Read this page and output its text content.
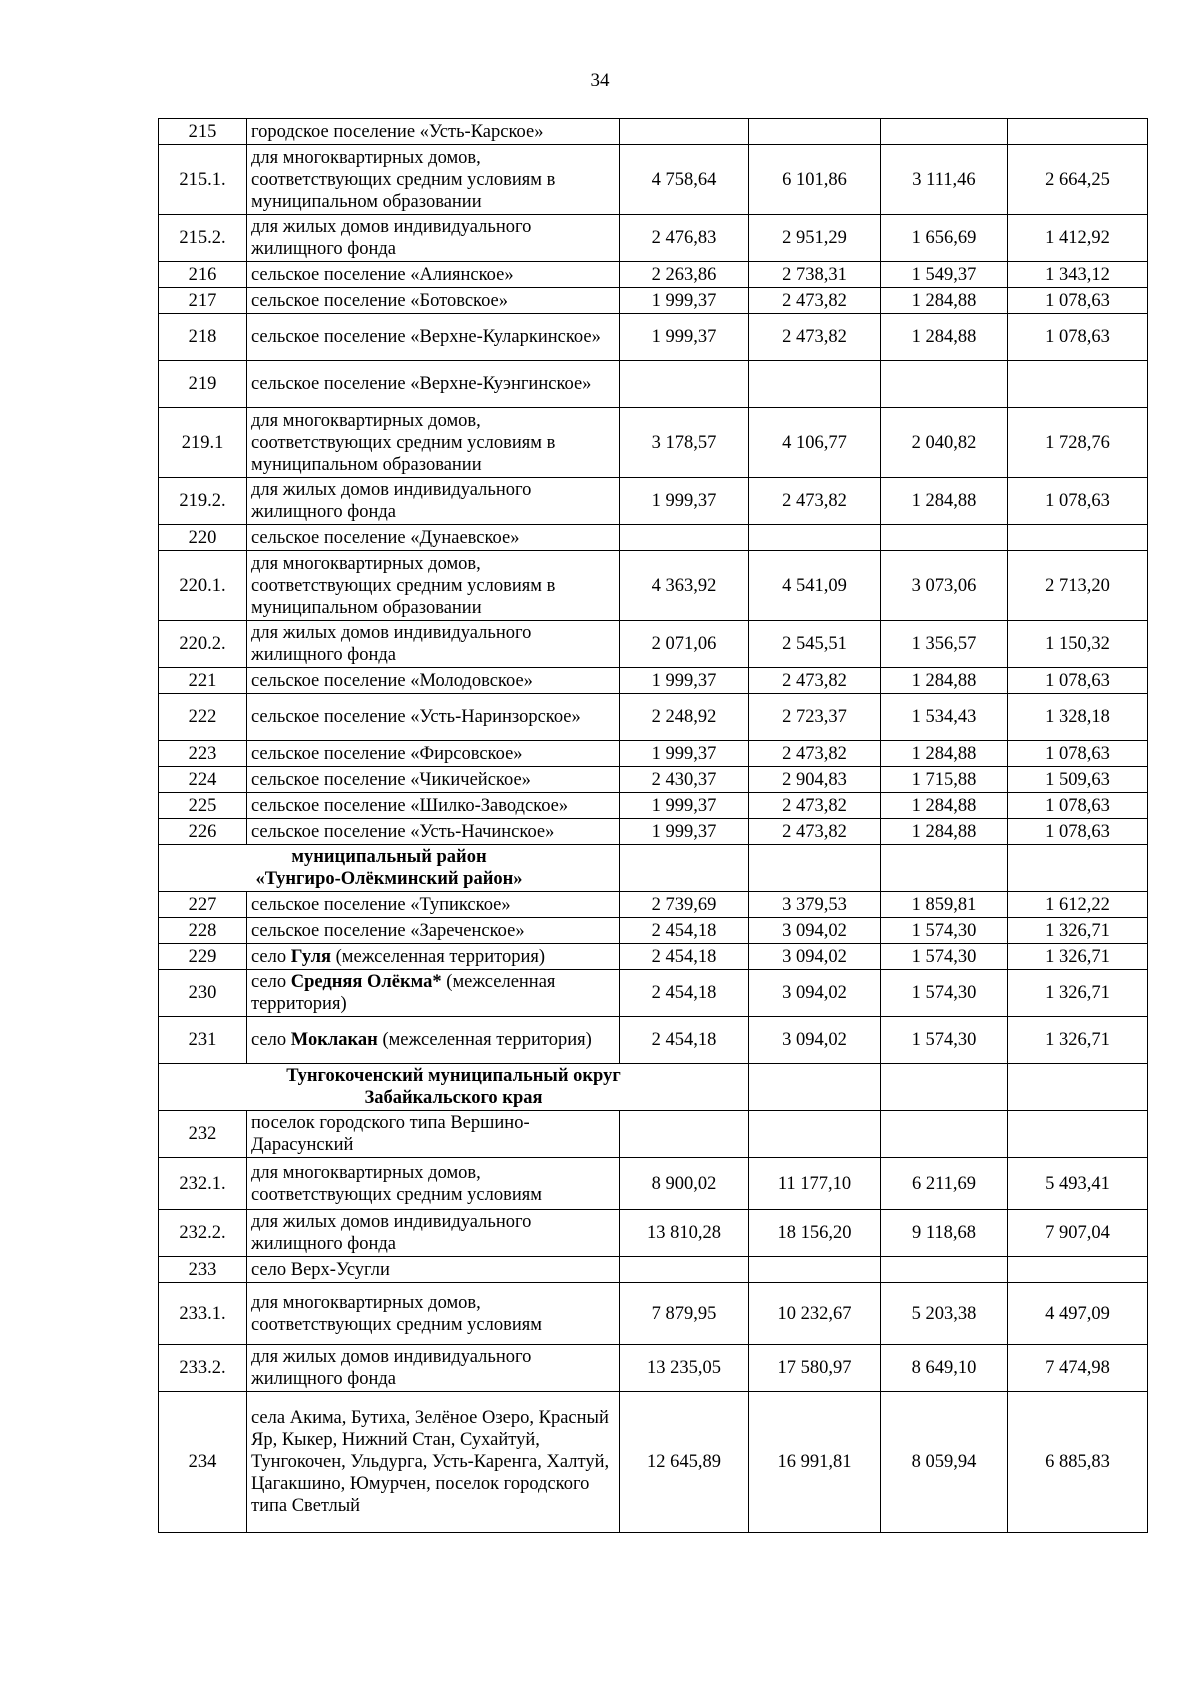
34
215	городское поселение «Усть-Карское»				
215.1.	для многоквартирных домов, соответствующих средним условиям в муниципальном образовании	4 758,64	6 101,86	3 111,46	2 664,25
215.2.	для жилых домов индивидуального жилищного фонда	2 476,83	2 951,29	1 656,69	1 412,92
216	сельское поселение «Алиянское»	2 263,86	2 738,31	1 549,37	1 343,12
217	сельское поселение «Ботовское»	1 999,37	2 473,82	1 284,88	1 078,63
218	сельское поселение «Верхне-Куларкинское»	1 999,37	2 473,82	1 284,88	1 078,63
219	сельское поселение «Верхне-Куэнгинское»				
219.1	для многоквартирных домов, соответствующих средним условиям в муниципальном образовании	3 178,57	4 106,77	2 040,82	1 728,76
219.2.	для жилых домов индивидуального жилищного фонда	1 999,37	2 473,82	1 284,88	1 078,63
220	сельское поселение «Дунаевское»				
220.1.	для многоквартирных домов, соответствующих средним условиям в муниципальном образовании	4 363,92	4 541,09	3 073,06	2 713,20
220.2.	для жилых домов индивидуального жилищного фонда	2 071,06	2 545,51	1 356,57	1 150,32
221	сельское поселение «Молодовское»	1 999,37	2 473,82	1 284,88	1 078,63
222	сельское поселение «Усть-Наринзорское»	2 248,92	2 723,37	1 534,43	1 328,18
223	сельское поселение «Фирсовское»	1 999,37	2 473,82	1 284,88	1 078,63
224	сельское поселение «Чикичейское»	2 430,37	2 904,83	1 715,88	1 509,63
225	сельское поселение «Шилко-Заводское»	1 999,37	2 473,82	1 284,88	1 078,63
226	сельское поселение «Усть-Начинское»	1 999,37	2 473,82	1 284,88	1 078,63

муниципальный район
«Тунгиро-Олёкминский район»					

227	сельское поселение «Тупикское»	2 739,69	3 379,53	1 859,81	1 612,22
228	сельское поселение «Зареченское»	2 454,18	3 094,02	1 574,30	1 326,71
229	село Гуля (межселенная территория)	2 454,18	3 094,02	1 574,30	1 326,71
230	село Средняя Олёкма* (межселенная территория)	2 454,18	3 094,02	1 574,30	1 326,71
231	село Моклакан (межселенная территория)	2 454,18	3 094,02	1 574,30	1 326,71

Тунгокоченский муниципальный округ
Забайкальского края					

232	поселок городского типа Вершино-Дарасунский				
232.1.	для многоквартирных домов, соответствующих средним условиям	8 900,02	11 177,10	6 211,69	5 493,41
232.2.	для жилых домов индивидуального жилищного фонда	13 810,28	18 156,20	9 118,68	7 907,04
233	село Верх-Усугли				
233.1.	для многоквартирных домов, соответствующих средним условиям	7 879,95	10 232,67	5 203,38	4 497,09
233.2.	для жилых домов индивидуального жилищного фонда	13 235,05	17 580,97	8 649,10	7 474,98
234	села Акима, Бутиха, Зелёное Озеро, Красный Яр, Кыкер, Нижний Стан, Сухайтуй, Тунгокочен, Ульдурга, Усть-Каренга, Халтуй, Цагакшино, Юмурчен, поселок городского типа Светлый	12 645,89	16 991,81	8 059,94	6 885,83
